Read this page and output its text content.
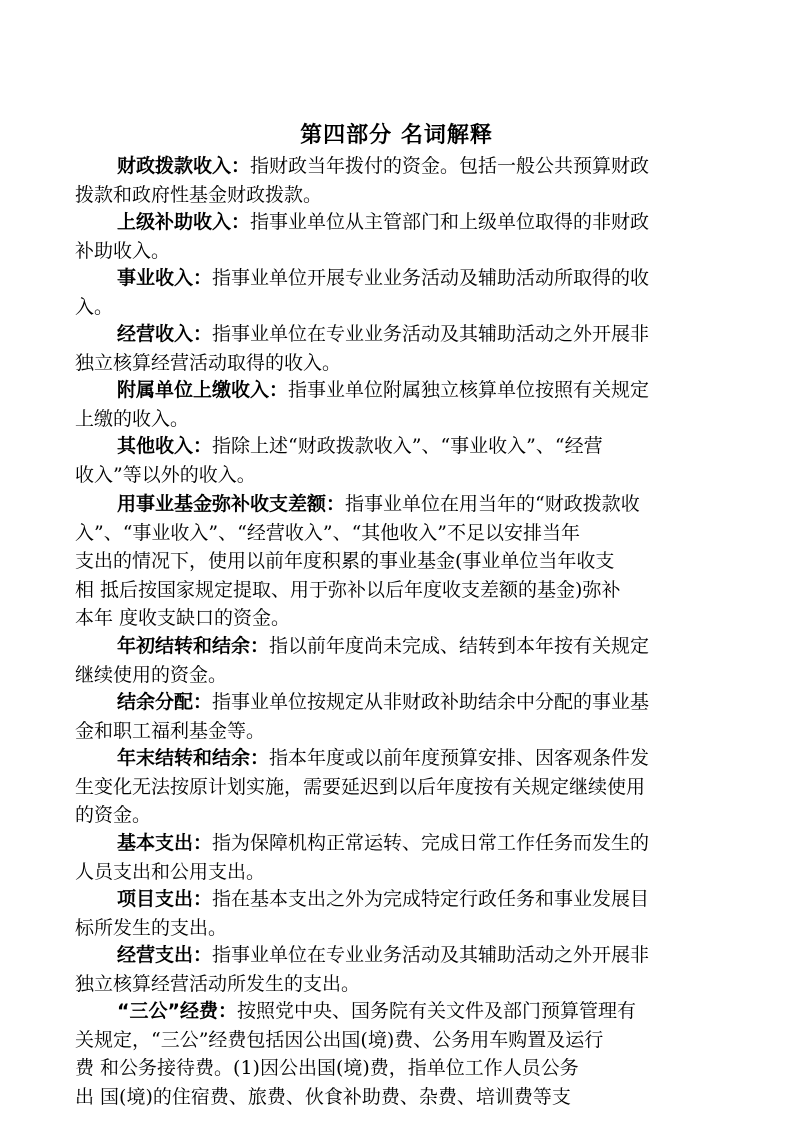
第四部分 名词解释
财政拨款收入：指财政当年拨付的资金。包括一般公共预算财政
拨款和政府性基金财政拨款。
上级补助收入：指事业单位从主管部门和上级单位取得的非财政
补助收入。
事业收入：指事业单位开展专业业务活动及辅助活动所取得的收
入。
经营收入：指事业单位在专业业务活动及其辅助活动之外开展非
独立核算经营活动取得的收入。
附属单位上缴收入：指事业单位附属独立核算单位按照有关规定
上缴的收入。
其他收入：指除上述“财政拨款收入”、“事业收入”、“经营
收入”等以外的收入。
用事业基金弥补收支差额：指事业单位在用当年的“财政拨款收
入”、“事业收入”、“经营收入”、“其他收入”不足以安排当年
支出的情况下，使用以前年度积累的事业基金(事业单位当年收支
相 抵后按国家规定提取、用于弥补以后年度收支差额的基金)弥补
本年 度收支缺口的资金。
年初结转和结余：指以前年度尚未完成、结转到本年按有关规定
继续使用的资金。
结余分配：指事业单位按规定从非财政补助结余中分配的事业基
金和职工福利基金等。
年末结转和结余：指本年度或以前年度预算安排、因客观条件发
生变化无法按原计划实施，需要延迟到以后年度按有关规定继续使用
的资金。
基本支出：指为保障机构正常运转、完成日常工作任务而发生的
人员支出和公用支出。
项目支出：指在基本支出之外为完成特定行政任务和事业发展目
标所发生的支出。
经营支出：指事业单位在专业业务活动及其辅助活动之外开展非
独立核算经营活动所发生的支出。
“三公”经费：按照党中央、国务院有关文件及部门预算管理有
关规定，“三公”经费包括因公出国(境)费、公务用车购置及运行
费 和公务接待费。(1)因公出国(境)费，指单位工作人员公务
出 国(境)的住宿费、旅费、伙食补助费、杂费、培训费等支
